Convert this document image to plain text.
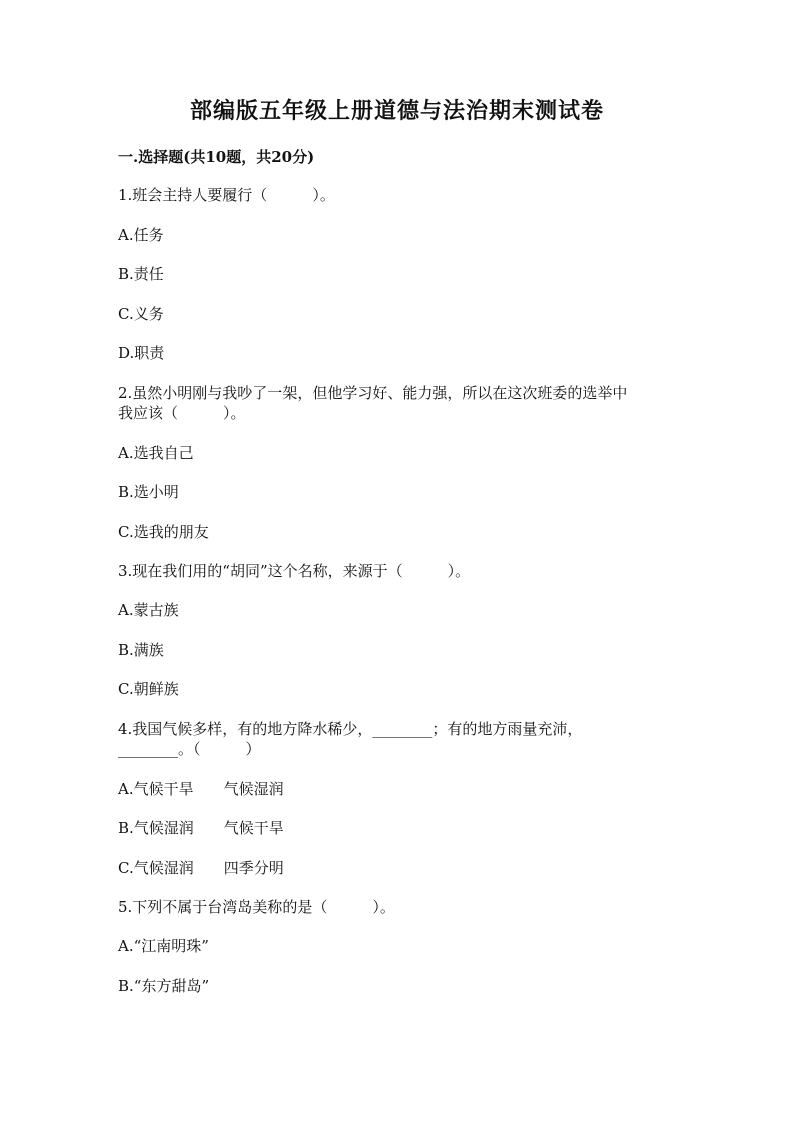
部编版五年级上册道德与法治期末测试卷
一.选择题(共10题，共20分)

1.班会主持人要履行（　　　）。

A.任务

B.责任

C.义务

D.职责

2.虽然小明刚与我吵了一架，但他学习好、能力强，所以在这次班委的选举中

我应该（　　　）。

A.选我自己

B.选小明

C.选我的朋友

3.现在我们用的“胡同”这个名称，来源于（　　　）。

A.蒙古族

B.满族

C.朝鲜族

4.我国气候多样，有的地方降水稀少，________；有的地方雨量充沛，

________。（　　　）

A.气候干旱　　气候湿润

B.气候湿润　　气候干旱

C.气候湿润　　四季分明

5.下列不属于台湾岛美称的是（　　　）。

A.“江南明珠”

B.“东方甜岛”
